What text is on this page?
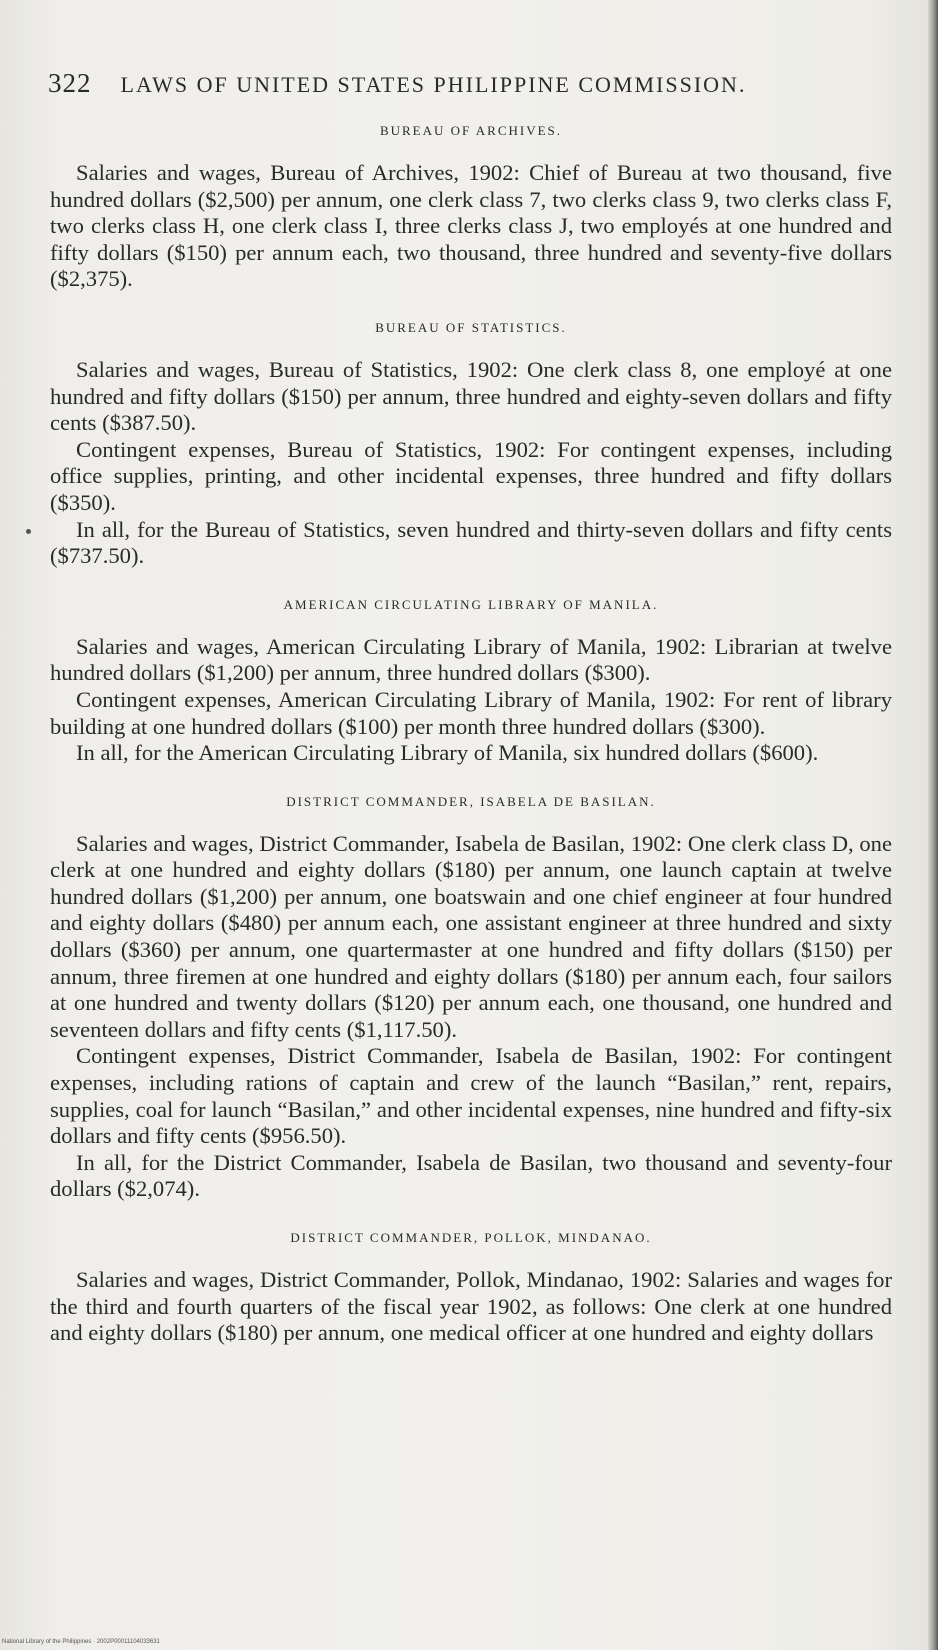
322 LAWS OF UNITED STATES PHILIPPINE COMMISSION.

BUREAU OF ARCHIVES.

Salaries and wages, Bureau of Archives, 1902: Chief of Bureau at two thousand, five hundred dollars ($2,500) per annum, one clerk class 7, two clerks class 9, two clerks class F, two clerks class H, one clerk class I, three clerks class J, two employés at one hundred and fifty dollars ($150) per annum each, two thousand, three hundred and seventy-five dollars ($2,375).

BUREAU OF STATISTICS.

Salaries and wages, Bureau of Statistics, 1902: One clerk class 8, one employé at one hundred and fifty dollars ($150) per annum, three hundred and eighty-seven dollars and fifty cents ($387.50).

Contingent expenses, Bureau of Statistics, 1902: For contingent expenses, including office supplies, printing, and other incidental expenses, three hundred and fifty dollars ($350).

In all, for the Bureau of Statistics, seven hundred and thirty-seven dollars and fifty cents ($737.50).

AMERICAN CIRCULATING LIBRARY OF MANILA.

Salaries and wages, American Circulating Library of Manila, 1902: Librarian at twelve hundred dollars ($1,200) per annum, three hundred dollars ($300).

Contingent expenses, American Circulating Library of Manila, 1902: For rent of library building at one hundred dollars ($100) per month three hundred dollars ($300).

In all, for the American Circulating Library of Manila, six hundred dollars ($600).

DISTRICT COMMANDER, ISABELA DE BASILAN.

Salaries and wages, District Commander, Isabela de Basilan, 1902: One clerk class D, one clerk at one hundred and eighty dollars ($180) per annum, one launch captain at twelve hundred dollars ($1,200) per annum, one boatswain and one chief engineer at four hundred and eighty dollars ($480) per annum each, one assistant engineer at three hundred and sixty dollars ($360) per annum, one quartermaster at one hundred and fifty dollars ($150) per annum, three firemen at one hundred and eighty dollars ($180) per annum each, four sailors at one hundred and twenty dollars ($120) per annum each, one thousand, one hundred and seventeen dollars and fifty cents ($1,117.50).

Contingent expenses, District Commander, Isabela de Basilan, 1902: For contingent expenses, including rations of captain and crew of the launch “Basilan,” rent, repairs, supplies, coal for launch “Basilan,” and other incidental expenses, nine hundred and fifty-six dollars and fifty cents ($956.50).

In all, for the District Commander, Isabela de Basilan, two thousand and seventy-four dollars ($2,074).

DISTRICT COMMANDER, POLLOK, MINDANAO.

Salaries and wages, District Commander, Pollok, Mindanao, 1902: Salaries and wages for the third and fourth quarters of the fiscal year 1902, as follows: One clerk at one hundred and eighty dollars ($180) per annum, one medical officer at one hundred and eighty dollars

National Library of the Philippines · 2002P00011104033631
